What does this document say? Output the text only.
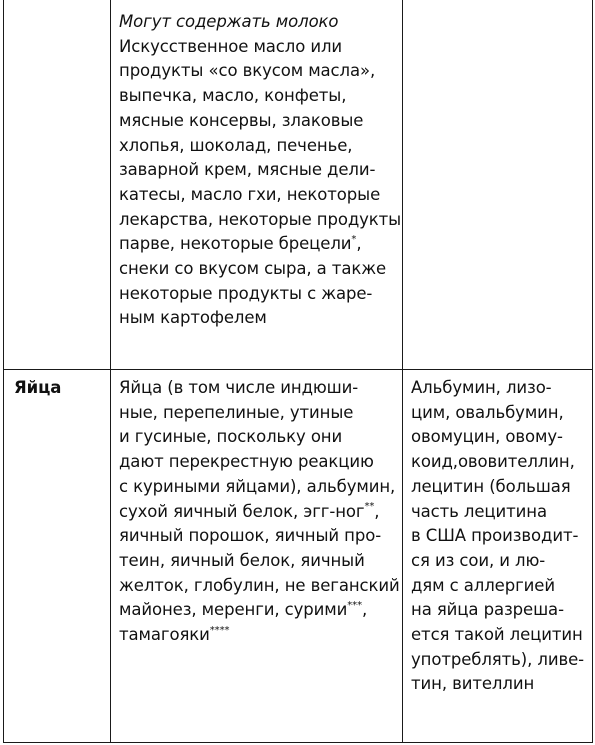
Могут содержать молоко
Искусственное масло или
продукты «со вкусом масла»,
выпечка, масло, конфеты,
мясные консервы, злаковые
хлопья, шоколад, печенье,
заварной крем, мясные дели-
катесы, масло гхи, некоторые
лекарства, некоторые продукты
парве, некоторые брецели*,
снеки со вкусом сыра, а также
некоторые продукты с жаре-
ным картофелем
Яйца	Яйца (в том числе индюши-
ные, перепелиные, утиные
и гусиные, поскольку они
дают перекрестную реакцию
с куриными яйцами), альбумин,
сухой яичный белок, эгг-ног**,
яичный порошок, яичный про-
теин, яичный белок, яичный
желток, глобулин, не веганский
майонез, меренги, сурими***,
тамагояки****
Альбумин, лизо-
цим, овальбумин,
овомуцин, овому-
коид,ововителлин,
лецитин (большая
часть лецитина
в США производит-
ся из сои, и лю-
дям с аллергией
на яйца разреша-
ется такой лецитин
употреблять), ливе-
тин, вителлин
